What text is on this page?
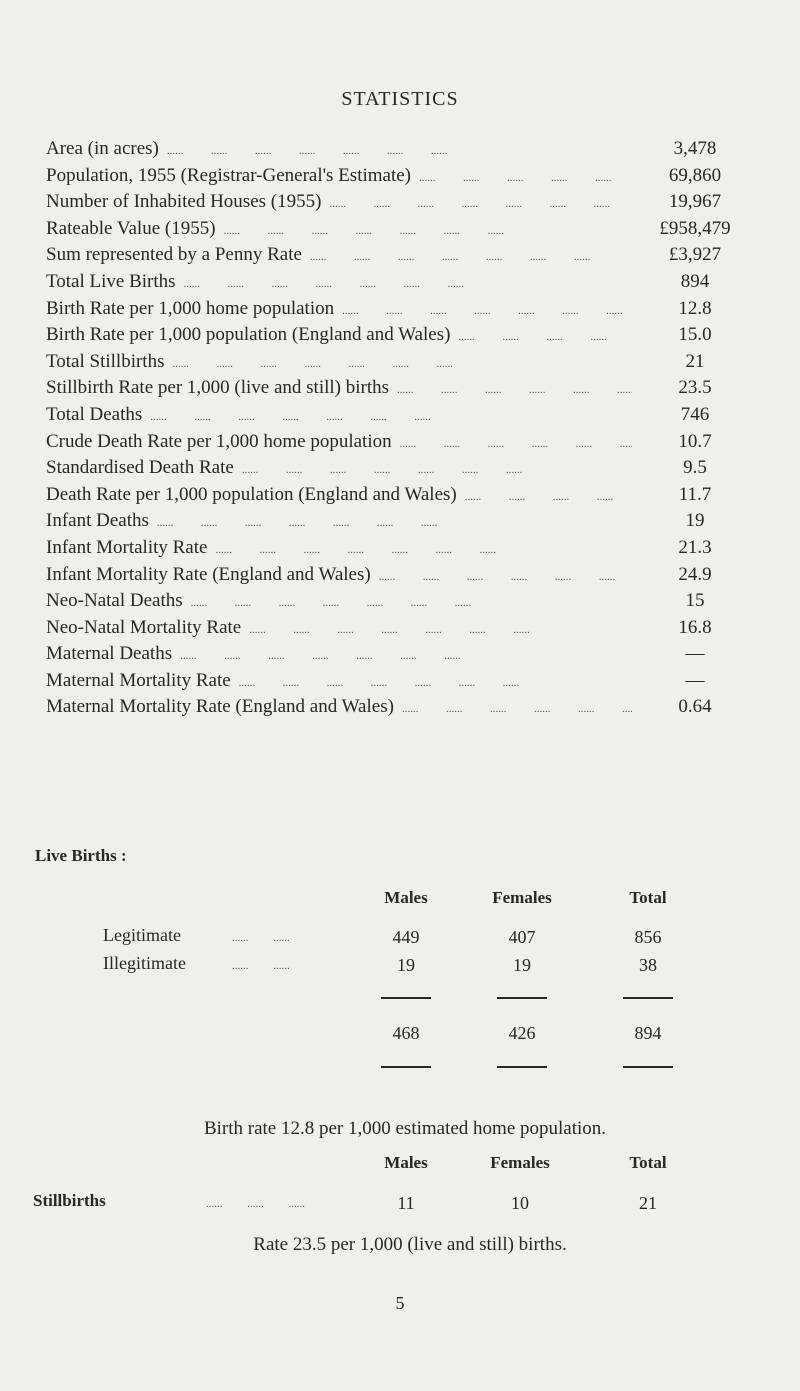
STATISTICS
Area (in acres) .....	3,478
Population, 1955 (Registrar-General's Estimate) .....	69,860
Number of Inhabited Houses (1955) .....	19,967
Rateable Value (1955) .....	£958,479
Sum represented by a Penny Rate .....	£3,927
Total Live Births .....	894
Birth Rate per 1,000 home population .....	12.8
Birth Rate per 1,000 population (England and Wales) .....	15.0
Total Stillbirths .....	21
Stillbirth Rate per 1,000 (live and still) births .....	23.5
Total Deaths .....	746
Crude Death Rate per 1,000 home population .....	10.7
Standardised Death Rate .....	9.5
Death Rate per 1,000 population (England and Wales) .....	11.7
Infant Deaths .....	19
Infant Mortality Rate .....	21.3
Infant Mortality Rate (England and Wales) .....	24.9
Neo-Natal Deaths .....	15
Neo-Natal Mortality Rate .....	16.8
Maternal Deaths .....	—
Maternal Mortality Rate .....	—
Maternal Mortality Rate (England and Wales) .....	0.64
Live Births :
Males	Females	Total
Legitimate	......         ......	449	407	856
Illegitimate	......         ......	19	19	38
468	426	894
Birth rate 12.8 per 1,000 estimated home population.
Males	Females	Total
Stillbirths	......         ......         ......	11	10	21
Rate 23.5 per 1,000 (live and still) births.
5
